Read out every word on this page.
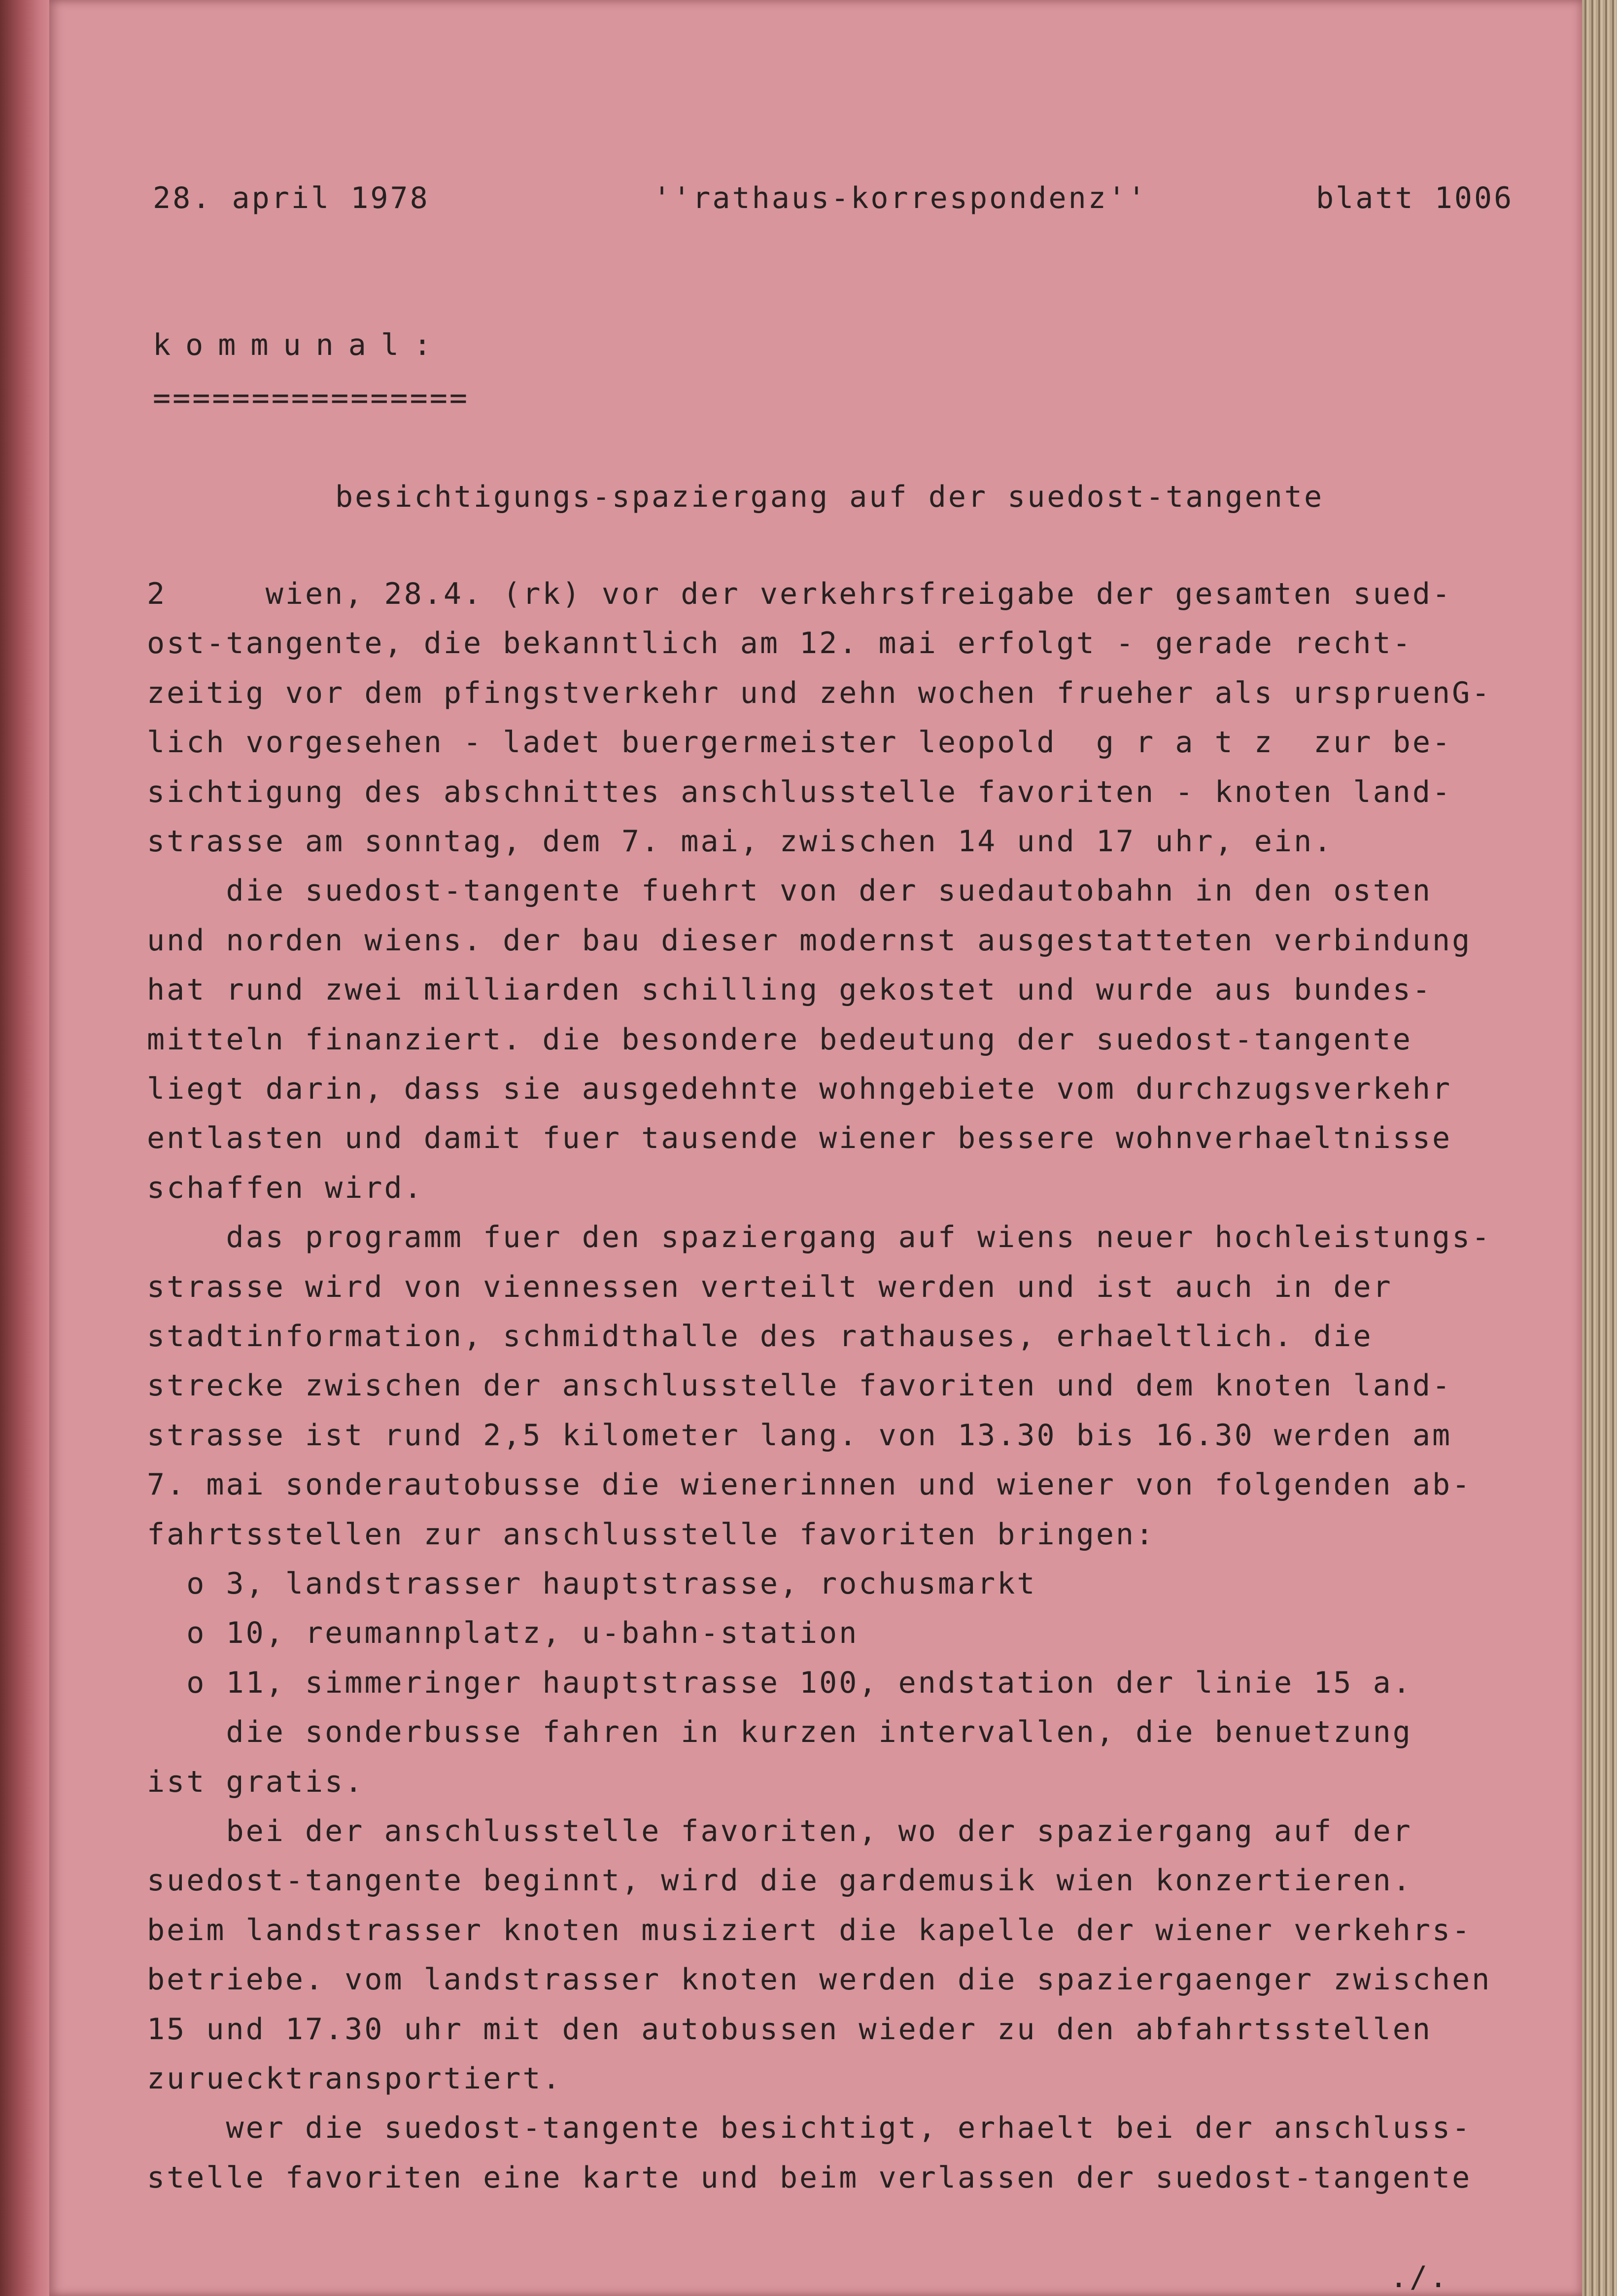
28. april 1978	''rathaus-korrespondenz''	blatt 1006
kommunal:
================
besichtigungs-spaziergang auf der suedost-tangente
2     wien, 28.4. (rk) vor der verkehrsfreigabe der gesamten sued-
ost-tangente, die bekanntlich am 12. mai erfolgt - gerade recht-
zeitig vor dem pfingstverkehr und zehn wochen frueher als urspruenG-
lich vorgesehen - ladet buergermeister leopold  g r a t z  zur be-
sichtigung des abschnittes anschlusstelle favoriten - knoten land-
strasse am sonntag, dem 7. mai, zwischen 14 und 17 uhr, ein.
die suedost-tangente fuehrt von der suedautobahn in den osten
und norden wiens. der bau dieser modernst ausgestatteten verbindung
hat rund zwei milliarden schilling gekostet und wurde aus bundes-
mitteln finanziert. die besondere bedeutung der suedost-tangente
liegt darin, dass sie ausgedehnte wohngebiete vom durchzugsverkehr
entlasten und damit fuer tausende wiener bessere wohnverhaeltnisse
schaffen wird.
das programm fuer den spaziergang auf wiens neuer hochleistungs-
strasse wird von viennessen verteilt werden und ist auch in der
stadtinformation, schmidthalle des rathauses, erhaeltlich. die
strecke zwischen der anschlusstelle favoriten und dem knoten land-
strasse ist rund 2,5 kilometer lang. von 13.30 bis 16.30 werden am
7. mai sonderautobusse die wienerinnen und wiener von folgenden ab-
fahrtsstellen zur anschlusstelle favoriten bringen:
o 3, landstrasser hauptstrasse, rochusmarkt
o 10, reumannplatz, u-bahn-station
o 11, simmeringer hauptstrasse 100, endstation der linie 15 a.
die sonderbusse fahren in kurzen intervallen, die benuetzung
ist gratis.
bei der anschlusstelle favoriten, wo der spaziergang auf der
suedost-tangente beginnt, wird die gardemusik wien konzertieren.
beim landstrasser knoten musiziert die kapelle der wiener verkehrs-
betriebe. vom landstrasser knoten werden die spaziergaenger zwischen
15 und 17.30 uhr mit den autobussen wieder zu den abfahrtsstellen
zuruecktransportiert.
wer die suedost-tangente besichtigt, erhaelt bei der anschluss-
stelle favoriten eine karte und beim verlassen der suedost-tangente
./.
